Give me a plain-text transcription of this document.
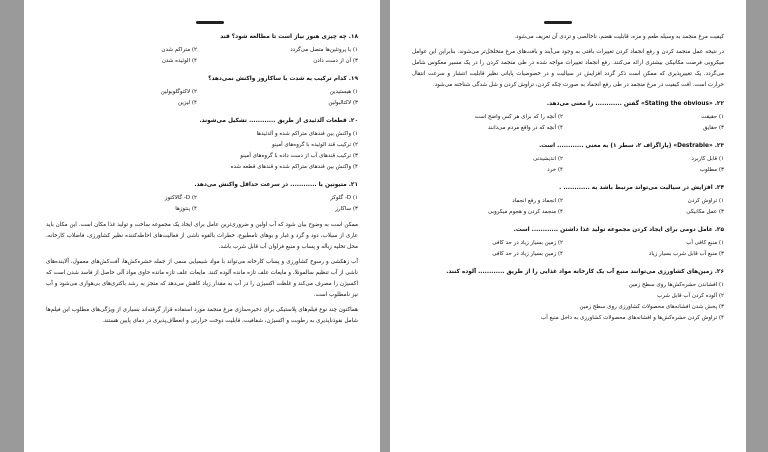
۱۸. چه چیزی هنوز نیاز است تا مطالعه شود؟ قند
۱) با پروتئین‌ها متصل می‌گردد
۲) متراکم شدن
۳) آن از دست دادن
۴) الوئیده شدن
۱۹. کدام ترکیب به شدت با ساکاروز واکنش نمی‌دهد؟
۱) هیستیدین
۲) لاکتوگلوبولین
۳) لاکتالبولین
۴) لیزین
۲۰. قطعات آلدئیدی از طریق ............ تشکیل می‌شوند.
۱) واکنش بین قندهای متراکم شده و آلدئیدها
۲) ترکیب قند الوئیده با گروه‌های آمینو
۳) ترکیب قندهای آب از دست داده با گروه‌های آمینو
۴) واکنش بین قندهای متراکم شده و قندهای قطعه شده
۲۱. متیونین با ............ در سرعت حداقل واکنش می‌دهد.
۱) D- گلوکز
۲) D- گالاکتوز
۳) ساکارز
۴) پنتوزها

ممکن است به وضوح بیان شود که آب اولین و ضروری‌ترین عامل برای ایجاد یک مجموعه ساخت و تولید غذا مکان است. این مکان باید عاری از سیلاب، دود و گرد و غبار و بوهای نامطبوع، خطرات بالقوه ناشی از فعالیت‌های احاطه‌کننده نظیر کشاورزی، فاضلاب کارخانه، محل تخلیه زباله و پساب و منبع فراوان آب قابل شرب باشد.

آب زهکشی و رسوخ کشاورزی و پساب کارخانه می‌تواند با مواد شیمیایی سمی از جمله حشره‌کش‌ها، آفت‌کش‌های معمول، آلاینده‌های ناشی از آب تنظیم سالمونلا، و مایعات علف تازه مانده آلوده کنند. مایعات علف تازه مانده حاوی مواد آلی حاصل از فاسد شدن است که اکسیژن را مصرف می‌کند و غلظت اکسیژن را در آب به مقدار زیاد کاهش می‌دهد که منجر به رشد باکتری‌های بی‌هوازی می‌شود و آب نیز نامطلوب است.

هماکنون چند نوع فیلم‌های پلاستیکی برای ذخیره‌سازی مرغ منجمد مورد استفاده قرار گرفته‌اند بسیاری از ویژگی‌های مطلوب این فیلم‌ها شامل نفوذناپذیری به رطوبت و اکسیژن، شفافیت، قابلیت دوخت حرارتی و انعطاف‌پذیری در دمای پایین هستند.

کیفیت مرغ منجمد به وسیله طعم و مزه، قابلیت هضم، ناخالصی و تردی آن تعریف می‌شود.

در نتیجه عمل منجمد کردن و رفع انجماد کردن تغییرات بافتی به وجود می‌آیند و بافت‌های مرغ متخلخل‌تر می‌شوند. بنابراین این عوامل میکروبی فرصت مکانیکی بیشتری ارائه می‌کنند. رفع انجماد تغییرات مواجه شده در طی منجمد کردن را در یک مسیر معکوس شامل می‌گردد. یک تغییرپذیری که ممکن است ذکر گردد افزایش در سیالیت و در خصوصیات پایانی نظیر قابلیت انتشار و سرعت انتقال حرارت است. افت کیفیت در مرغ منجمد در طی رفع انجماد به صورت چکه کردن، تراوش کردن و شل شدگی شناخته می‌شود.

۲۲. «Stating the obvious» گفتن ............ را معنی می‌دهد.
۱) حقیقت
۲) آنچه را که برای هر کس واضح است
۳) حقایق
۴) آنچه که در واقع مردم می‌دانند
۲۳. «Destrable» (پاراگراف ۲، سطر ۱) به معنی ............ است.
۱) قابل کاربرد
۲) اندیشیدنی
۳) مطلوب
۴) خرد
۲۴. افزایش در سیالیت می‌تواند مرتبط باشد به ............ .
۱) تراوش کردن
۲) انجماد و رفع انجماد
۳) عمل مکانیکی
۴) منجمد کردن و هجوم میکروبی
۲۵. عامل دومی برای ایجاد کردن مجموعه تولید غذا داشتن ............ است.
۱) منبع کافی آب
۲) زمین بسیار زیاد در حد کافی
۳) منبع آب قابل شرب بسیار زیاد
۴) زمین بسیار زیاد در حد کافی
۲۶. زمین‌های کشاورزی می‌توانند منبع آب یک کارخانه مواد غذایی را از طریق ............ آلوده کنند.
۱) افشاندن حشره‌کش‌ها روی سطح زمین
۲) آلوده کردن آب قابل شرب
۳) پخش شدن افشانه‌های محصولات کشاورزی روی سطح زمین
۴) تراوش کردن حشره‌کش‌ها و افشانه‌های محصولات کشاورزی به داخل منبع آب
